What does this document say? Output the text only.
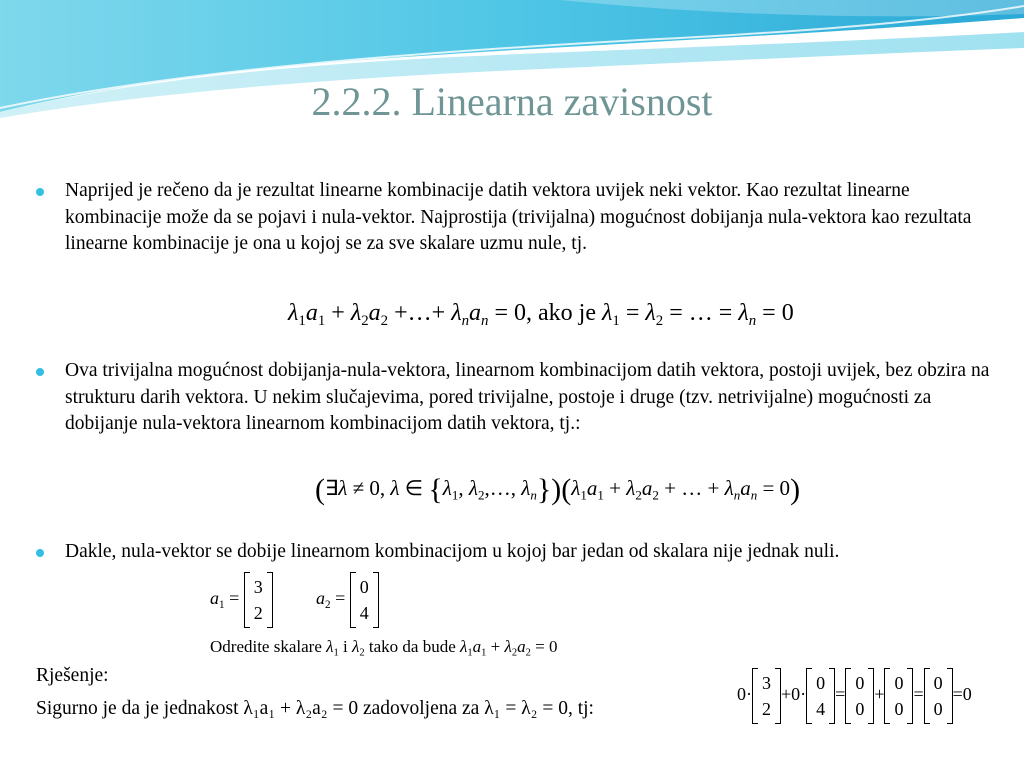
2.2.2. Linearna zavisnost
Naprijed je rečeno da je rezultat linearne kombinacije datih vektora uvijek neki vektor. Kao rezultat linearne kombinacije može da se pojavi i nula-vektor. Najprostija (trivijalna) mogućnost dobijanja nula-vektora kao rezultata linearne kombinacije je ona u kojoj se za sve skalare uzmu nule, tj.
$\lambda_1a_1 + \lambda_2a_2$ +…+ $\lambda_na_n = 0$, ako je $\lambda_1 = \lambda_2$ = … = $\lambda_n = 0$
Ova trivijalna mogućnost dobijanja-nula-vektora, linearnom kombinacijom datih vektora, postoji uvijek, bez obzira na strukturu darih vektora. U nekim slučajevima, pored trivijalne, postoje i druge (tzv. netrivijalne) mogućnosti za dobijanje nula-vektora linearnom kombinacijom datih vektora, tj.:
(∃λ ≠ 0, λ ∈ {$\lambda_1$, $\lambda_2,\dots$, $\lambda_n\})(\lambda_1a_1 + \lambda_2a_2$ + … + $\lambda_na_n = 0$)
Dakle, nula-vektor se dobije linearnom kombinacijom u kojoj bar jedan od skalara nije jednak nuli.
$a_1$ =
3
2
$a_2$ =
0
4
Odredite skalare $\lambda_1$ i $\lambda_2$ tako da bude $\lambda_1a_1 + \lambda_2a_2 = 0$
Rješenje:
Sigurno je da je jednakost λ₁a₁ + λ₂a₂ = 0 zadovoljena za λ₁ = λ₂ = 0, tj:
0·
3
2
+0·
0
4
=
0
0
+
0
0
=
0
0
=0
